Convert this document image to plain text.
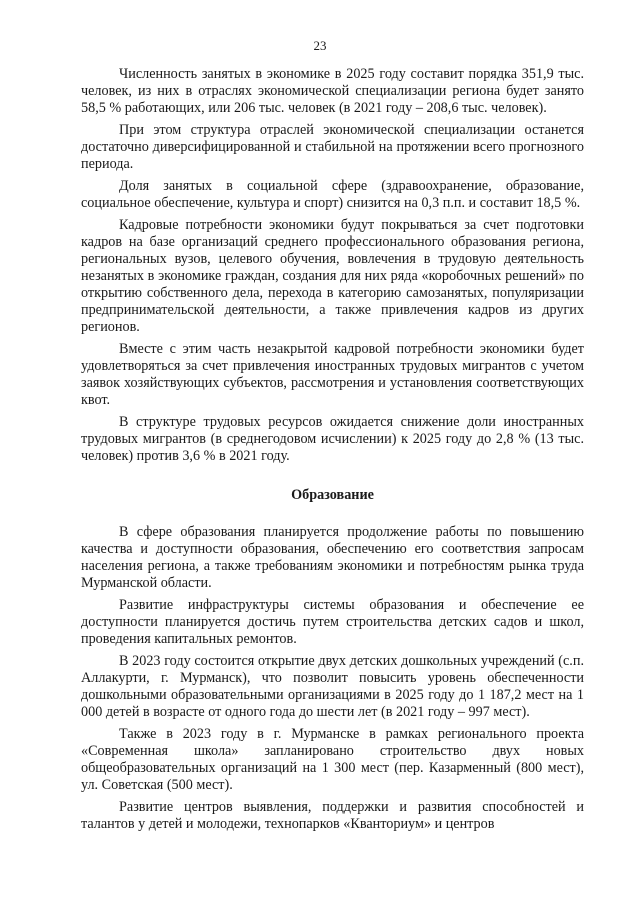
23

Численность занятых в экономике в 2025 году составит порядка 351,9 тыс. человек, из них в отраслях экономической специализации региона будет занято 58,5 % работающих, или 206 тыс. человек (в 2021 году – 208,6 тыс. человек).

При этом структура отраслей экономической специализации останется достаточно диверсифицированной и стабильной на протяжении всего прогнозного периода.

Доля занятых в социальной сфере (здравоохранение, образование, социальное обеспечение, культура и спорт) снизится на 0,3 п.п. и составит 18,5 %.

Кадровые потребности экономики будут покрываться за счет подготовки кадров на базе организаций среднего профессионального образования региона, региональных вузов, целевого обучения, вовлечения в трудовую деятельность незанятых в экономике граждан, создания для них ряда «коробочных решений» по открытию собственного дела, перехода в категорию самозанятых, популяризации предпринимательской деятельности, а также привлечения кадров из других регионов.

Вместе с этим часть незакрытой кадровой потребности экономики будет удовлетворяться за счет привлечения иностранных трудовых мигрантов с учетом заявок хозяйствующих субъектов, рассмотрения и установления соответствующих квот.

В структуре трудовых ресурсов ожидается снижение доли иностранных трудовых мигрантов (в среднегодовом исчислении) к 2025 году до 2,8 % (13 тыс. человек) против 3,6 % в 2021 году.

Образование

В сфере образования планируется продолжение работы по повышению качества и доступности образования, обеспечению его соответствия запросам населения региона, а также требованиям экономики и потребностям рынка труда Мурманской области.

Развитие инфраструктуры системы образования и обеспечение ее доступности планируется достичь путем строительства детских садов и школ, проведения капитальных ремонтов.

В 2023 году состоится открытие двух детских дошкольных учреждений (с.п. Аллакурти, г. Мурманск), что позволит повысить уровень обеспеченности дошкольными образовательными организациями в 2025 году до 1 187,2 мест на 1 000 детей в возрасте от одного года до шести лет (в 2021 году – 997 мест).

Также в 2023 году в г. Мурманске в рамках регионального проекта «Современная школа» запланировано строительство двух новых общеобразовательных организаций на 1 300 мест (пер. Казарменный (800 мест), ул. Советская (500 мест).

Развитие центров выявления, поддержки и развития способностей и талантов у детей и молодежи, технопарков «Кванториум» и центров
